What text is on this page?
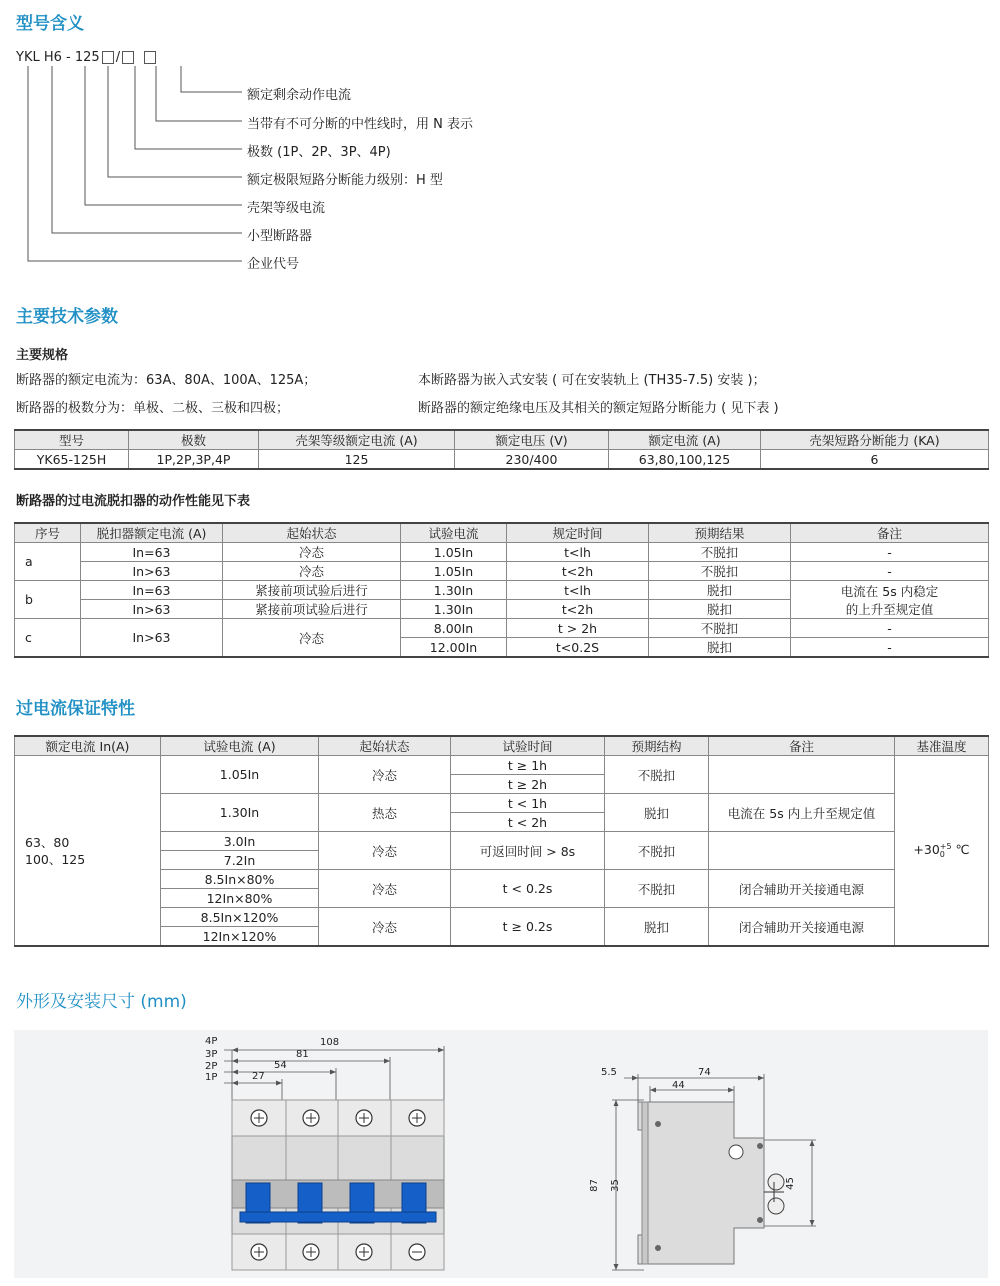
型号含义
YKL H6 - 125 /
额定剩余动作电流
当带有不可分断的中性线时，用 N 表示
极数 (1P、2P、3P、4P)
额定极限短路分断能力级别：H 型
壳架等级电流
小型断路器
企业代号
主要技术参数
主要规格
断路器的额定电流为：63A、80A、100A、125A；	本断路器为嵌入式安装 ( 可在安装轨上 (TH35-7.5) 安装 )；
断路器的极数分为：单极、二极、三极和四极；	断路器的额定绝缘电压及其相关的额定短路分断能力 ( 见下表 )
型号	极数	壳架等级额定电流 (A)	额定电压 (V)	额定电流 (A)	壳架短路分断能力 (KA)
YK65-125H	1P,2P,3P,4P	125	230/400	63,80,100,125	6
断路器的过电流脱扣器的动作性能见下表
序号	脱扣器额定电流 (A)	起始状态	试验电流	规定时间	预期结果	备注
a	In=63	冷态	1.05In	t<lh	不脱扣	-
	In>63	冷态	1.05In	t<2h	不脱扣	-
b	In=63	紧接前项试验后进行	1.30In	t<lh	脱扣	电流在 5s 内稳定
的上升至规定值
	In>63	紧接前项试验后进行	1.30In	t<2h	脱扣	
c	In>63	冷态	8.00In	t > 2h	不脱扣	-
			12.00In	t<0.2S	脱扣	-
过电流保证特性
额定电流 In(A)	试验电流 (A)	起始状态	试验时间	预期结构	备注	基准温度
63、80
100、125	1.05In	冷态	t ≥ 1h	不脱扣		+30+5
0 ℃
			t ≥ 2h			
	1.30In	热态	t < 1h	脱扣	电流在 5s 内上升至规定值	
			t < 2h			
	3.0In	冷态	可返回时间 > 8s	不脱扣		
	7.2In					
	8.5In×80%	冷态	t < 0.2s	不脱扣	闭合辅助开关接通电源	
	12In×80%					
	8.5In×120%	冷态	t ≥ 0.2s	脱扣	闭合辅助开关接通电源	
	12In×120%					
外形及安装尺寸 (mm)
4P
3P
2P
1P
108
81
54
27	5.5	74
44
87 35	45
